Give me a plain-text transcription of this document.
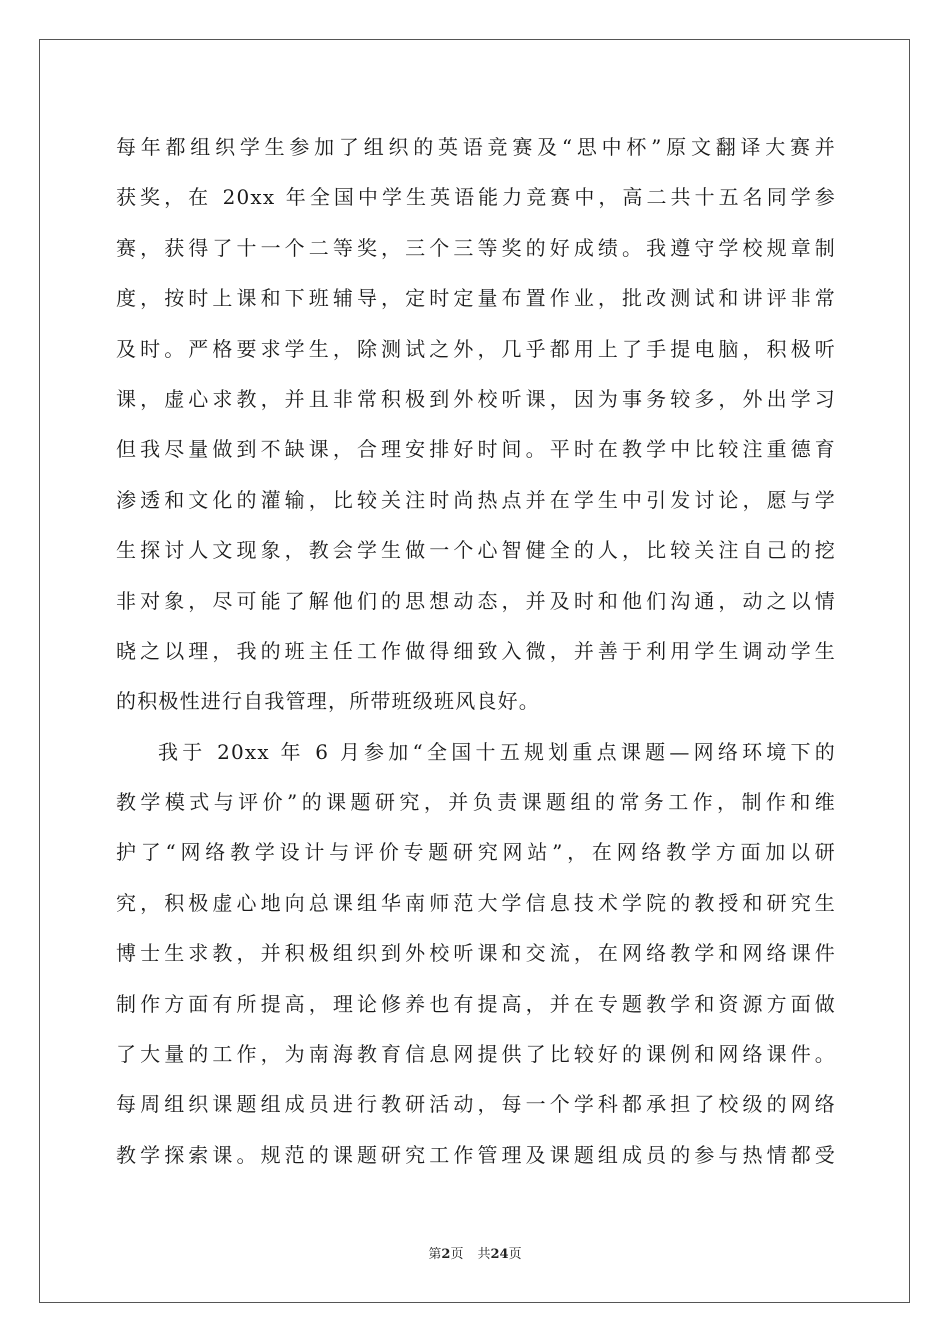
每年都组织学生参加了组织的英语竞赛及“思中杯”原文翻译大赛并
获奖，在 20xx 年全国中学生英语能力竞赛中，高二共十五名同学参
赛，获得了十一个二等奖，三个三等奖的好成绩。我遵守学校规章制
度，按时上课和下班辅导，定时定量布置作业，批改测试和讲评非常
及时。严格要求学生，除测试之外，几乎都用上了手提电脑，积极听
课，虚心求教，并且非常积极到外校听课，因为事务较多，外出学习
但我尽量做到不缺课，合理安排好时间。平时在教学中比较注重德育
渗透和文化的灌输，比较关注时尚热点并在学生中引发讨论，愿与学
生探讨人文现象，教会学生做一个心智健全的人，比较关注自己的挖
非对象，尽可能了解他们的思想动态，并及时和他们沟通，动之以情
晓之以理，我的班主任工作做得细致入微，并善于利用学生调动学生
的积极性进行自我管理，所带班级班风良好。
我于 20xx 年 6 月参加“全国十五规划重点课题—网络环境下的
教学模式与评价”的课题研究，并负责课题组的常务工作，制作和维
护了“网络教学设计与评价专题研究网站”，在网络教学方面加以研
究，积极虚心地向总课组华南师范大学信息技术学院的教授和研究生
博士生求教，并积极组织到外校听课和交流，在网络教学和网络课件
制作方面有所提高，理论修养也有提高，并在专题教学和资源方面做
了大量的工作，为南海教育信息网提供了比较好的课例和网络课件。
每周组织课题组成员进行教研活动，每一个学科都承担了校级的网络
教学探索课。规范的课题研究工作管理及课题组成员的参与热情都受
第2页 共24页
